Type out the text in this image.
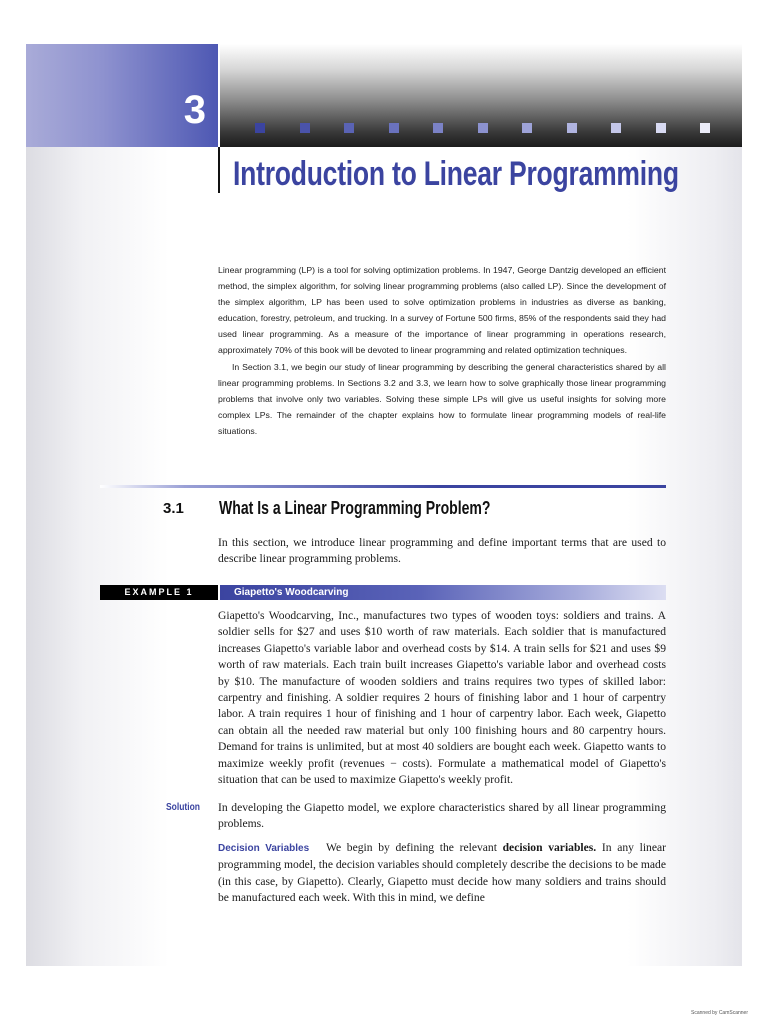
3
Introduction to Linear Programming

Linear programming (LP) is a tool for solving optimization problems. In 1947, George Dantzig developed an efficient method, the simplex algorithm, for solving linear programming problems (also called LP). Since the development of the simplex algorithm, LP has been used to solve optimization problems in industries as diverse as banking, education, forestry, petroleum, and trucking. In a survey of Fortune 500 firms, 85% of the respondents said they had used linear programming. As a measure of the importance of linear programming in operations research, approximately 70% of this book will be devoted to linear programming and related optimization techniques.

In Section 3.1, we begin our study of linear programming by describing the general characteristics shared by all linear programming problems. In Sections 3.2 and 3.3, we learn how to solve graphically those linear programming problems that involve only two variables. Solving these simple LPs will give us useful insights for solving more complex LPs. The remainder of the chapter explains how to formulate linear programming models of real-life situations.

3.1 What Is a Linear Programming Problem?

In this section, we introduce linear programming and define important terms that are used to describe linear programming problems.

EXAMPLE 1	Giapetto's Woodcarving

Giapetto's Woodcarving, Inc., manufactures two types of wooden toys: soldiers and trains. A soldier sells for $27 and uses $10 worth of raw materials. Each soldier that is manufactured increases Giapetto's variable labor and overhead costs by $14. A train sells for $21 and uses $9 worth of raw materials. Each train built increases Giapetto's variable labor and overhead costs by $10. The manufacture of wooden soldiers and trains requires two types of skilled labor: carpentry and finishing. A soldier requires 2 hours of finishing labor and 1 hour of carpentry labor. A train requires 1 hour of finishing and 1 hour of carpentry labor. Each week, Giapetto can obtain all the needed raw material but only 100 finishing hours and 80 carpentry hours. Demand for trains is unlimited, but at most 40 soldiers are bought each week. Giapetto wants to maximize weekly profit (revenues − costs). Formulate a mathematical model of Giapetto's situation that can be used to maximize Giapetto's weekly profit.

Solution In developing the Giapetto model, we explore characteristics shared by all linear programming problems.

Decision Variables We begin by defining the relevant decision variables. In any linear programming model, the decision variables should completely describe the decisions to be made (in this case, by Giapetto). Clearly, Giapetto must decide how many soldiers and trains should be manufactured each week. With this in mind, we define

Scanned by CamScanner
